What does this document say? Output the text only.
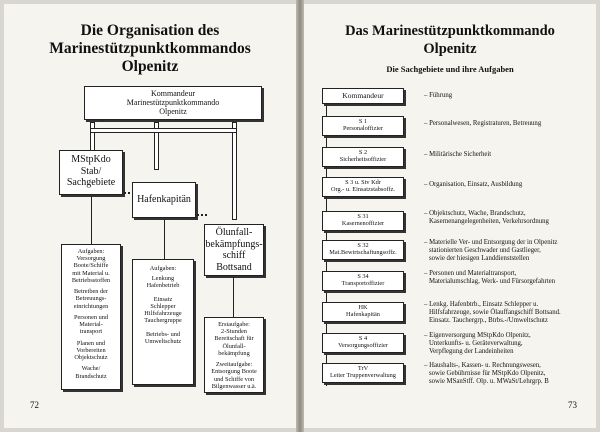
Die Organisation des
Marinestützpunktkommandos
Olpenitz
Kommandeur
Marinestützpunktkommando
Olpenitz
MStpKdo
Stab/
Sachgebiete
Hafenkapitän
Ölunfall-
bekämpfungs-
schiff
Bottsand
Aufgaben:
Versorgung
Boote/Schiffe
mit Material u.
Betriebsstoffen
Betreiben der
Betreuungs-
einrichtungen
Personen und
Material-
transport
Planen und
Vorbereiten
Objektschutz
Wache/
Brandschutz
Aufgaben:
Lenkung
Hafenbetrieb
Einsatz
Schlepper
Hilfsfahrzeuge
Tauchergruppe
Betriebs- und
Umweltschutz
Erstaufgabe:
2-Stunden
Bereitschaft für
Ölunfall-
bekämpfung
Zweitaufgabe:
Entsorgung Boote
und Schiffe von
Bilgenwasser u.ä.
72
Das Marinestützpunktkommando
Olpenitz
Die Sachgebiete und ihre Aufgaben
Kommandeur	– Führung
S 1
Personaloffizier
– Personalwesen, Registraturen, Betreuung
S 2
Sicherheitsoffizier
– Militärische Sicherheit
S 3 u. Stv Kdr
Org.- u. Einsatzstabsoffz.
– Organisation, Einsatz, Ausbildung
S 31
Kasernenoffizier
– Objektschutz, Wache, Brandschutz,
Kasernenangelegenheiten, Verkehrsordnung
S 32
Mat.Bewirtschaftungsoffz.
– Materielle Ver- und Entsorgung der in Olpenitz
stationierten Geschwader und Gastlieger,
sowie der hiesigen Landdienststellen
S 34
Transportoffizier
– Personen und Materialtransport,
Materialumschlag, Werk- und Fürsorgefahrten
HK
Hafenkapitän
– Lenkg. Hafenbtrb., Einsatz Schlepper u.
Hilfsfahrzeuge, sowie Ölauffangschiff Bottsand.
Einsatz. Tauchergrp., Btrbs.-/Umweltschutz
S 4
Versorgungsoffizier
– Eigenversorgung MStpKdo Olpenitz,
Unterkunfts- u. Geräteverwaltung,
Verpflegung der Landeinheiten
TrV
Leiter Truppenverwaltung
– Haushalts-, Kassen- u. Rechnungswesen,
sowie Gebührnisse für MStpKdo Olpenitz,
sowie MSanStff. Olp. u. MWaSt/Lehrgrp. B
73
